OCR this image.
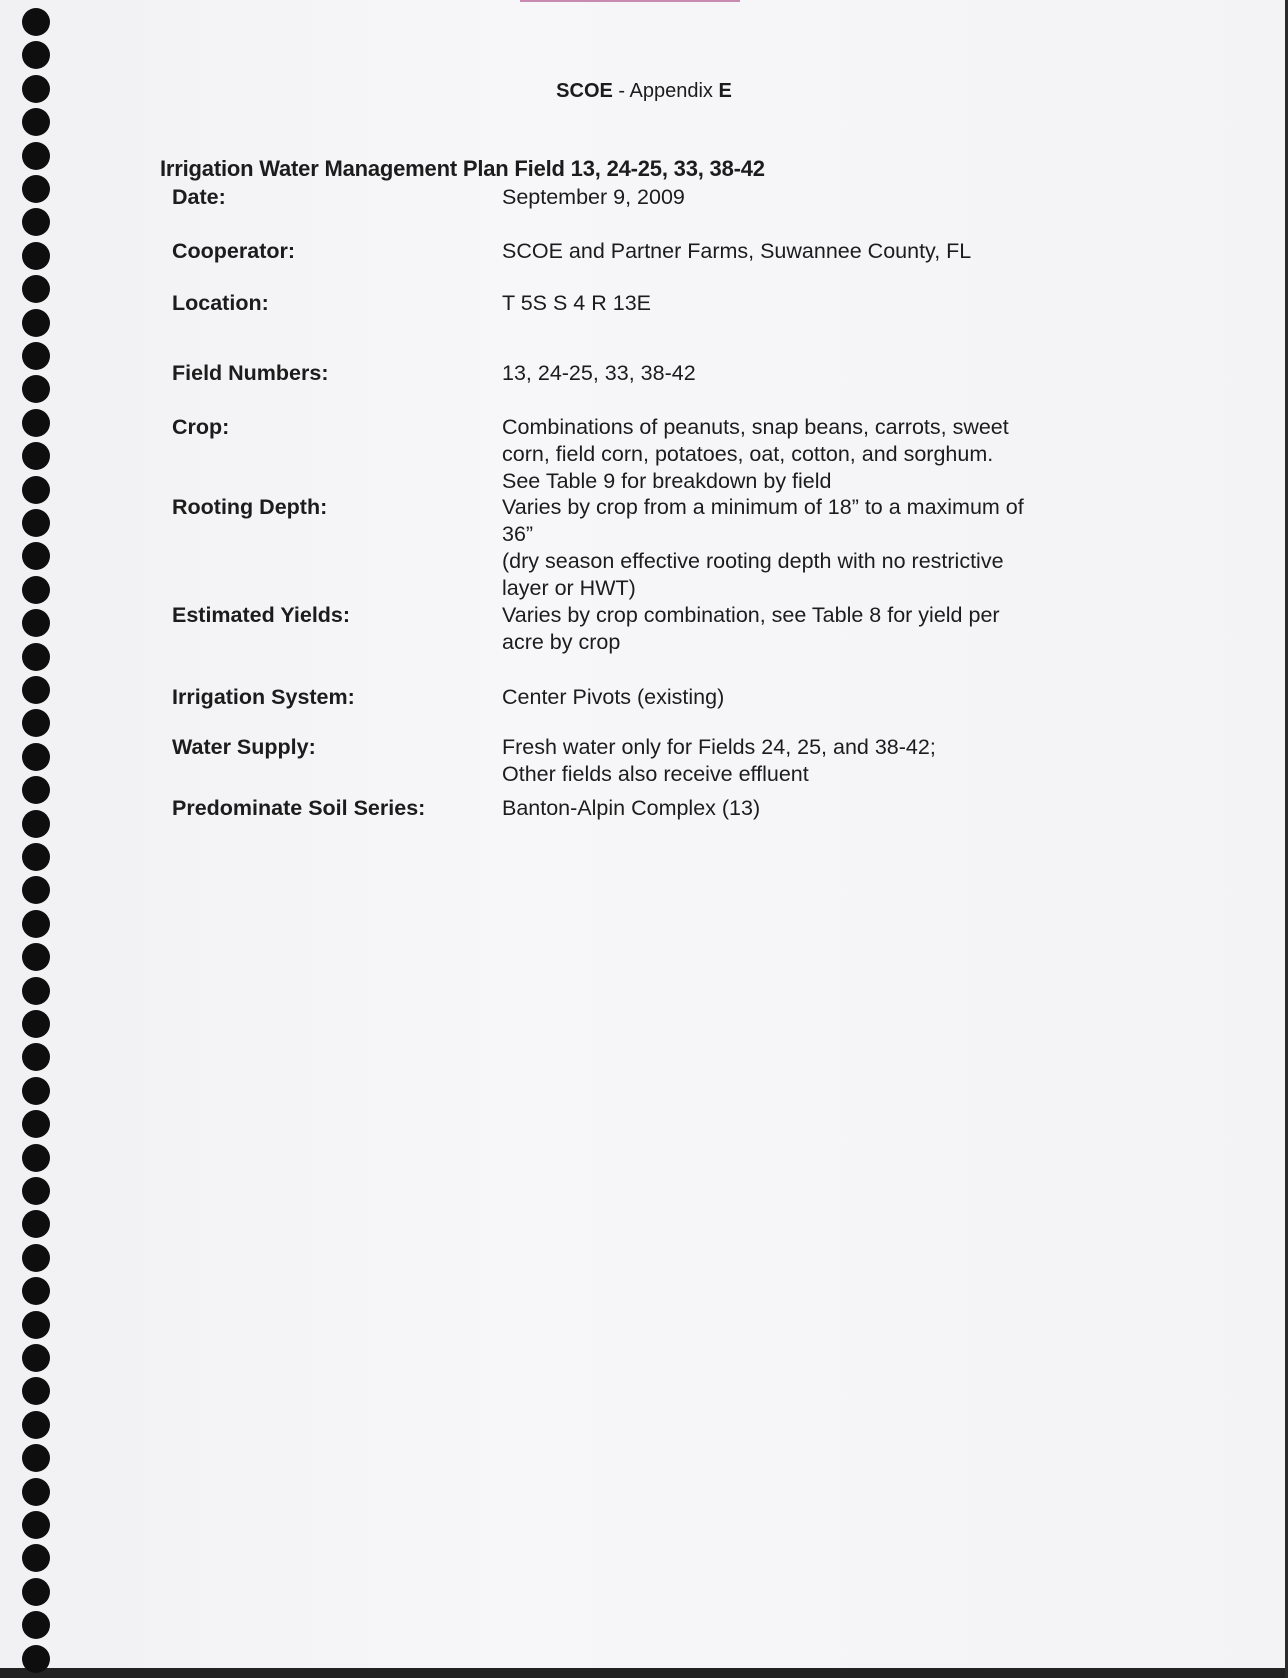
SCOE - Appendix E
Irrigation Water Management Plan Field 13, 24-25, 33, 38-42
Date:	September 9, 2009
Cooperator:	SCOE and Partner Farms, Suwannee County, FL
Location:	T 5S S 4 R 13E
Field Numbers:	13, 24-25, 33, 38-42
Crop:	Combinations of peanuts, snap beans, carrots, sweet
corn, field corn, potatoes, oat, cotton, and sorghum.
See Table 9 for breakdown by field
Rooting Depth:	Varies by crop from a minimum of 18” to a maximum of
36”
(dry season effective rooting depth with no restrictive
layer or HWT)
Estimated Yields:	Varies by crop combination, see Table 8 for yield per
acre by crop
Irrigation System:	Center Pivots (existing)
Water Supply:	Fresh water only for Fields 24, 25, and 38-42;
Other fields also receive effluent
Predominate Soil Series:	Banton-Alpin Complex (13)
